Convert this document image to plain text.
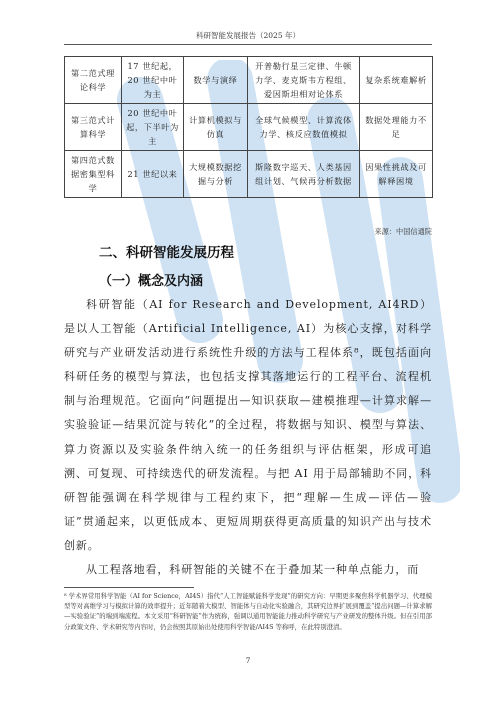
科研智能发展报告（2025 年）
第二范式理论科学	17 世纪起，20 世纪中叶为主	数学与演绎	开普勒行星三定律、牛顿力学、麦克斯韦方程组、爱因斯坦相对论体系	复杂系统难解析
第三范式计算科学	20 世纪中叶起，下半叶为主	计算机模拟与仿真	全球气候模型、计算流体力学、核反应数值模拟	数据处理能力不足
第四范式数据密集型科学	21 世纪以来	大规模数据挖掘与分析	斯隆数字巡天、人类基因组计划、气候再分析数据	因果性挑战及可解释困境
来源：中国信通院
二、科研智能发展历程
（一）概念及内涵

科研智能（AI for Research and Development, AI4RD）是以人工智能（Artificial Intelligence, AI）为核心支撑，对科学研究与产业研发活动进行系统性升级的方法与工程体系⁸，既包括面向科研任务的模型与算法，也包括支撑其落地运行的工程平台、流程机制与治理规范。它面向“问题提出—知识获取—建模推理—计算求解—实验验证—结果沉淀与转化”的全过程，将数据与知识、模型与算法、算力资源以及实验条件纳入统一的任务组织与评估框架，形成可追溯、可复现、可持续迭代的研发流程。与把 AI 用于局部辅助不同，科研智能强调在科学规律与工程约束下，把“理解—生成—评估—验证”贯通起来，以更低成本、更短周期获得更高质量的知识产出与技术创新。

从工程落地看，科研智能的关键不在于叠加某一种单点能力，而

⁸ 学术界常用科学智能（AI for Science，AI4S）指代“人工智能赋能科学发现”的研究方向：早期更多聚焦科学机器学习、代理模型等对高维学习与模拟计算的效率提升；近年随着大模型、智能体与自动化实验融合，其研究边界扩展到覆盖“提出问题—计算求解—实验验证”的端到端流程。本文采用“科研智能”作为统称，强调以通用智能能力推动科学研究与产业研发的整体升级。但在引用部分政策文件、学术研究等内容时，仍会按照其原始出处使用科学智能/AI4S 等称呼，在此特别澄清。
7
